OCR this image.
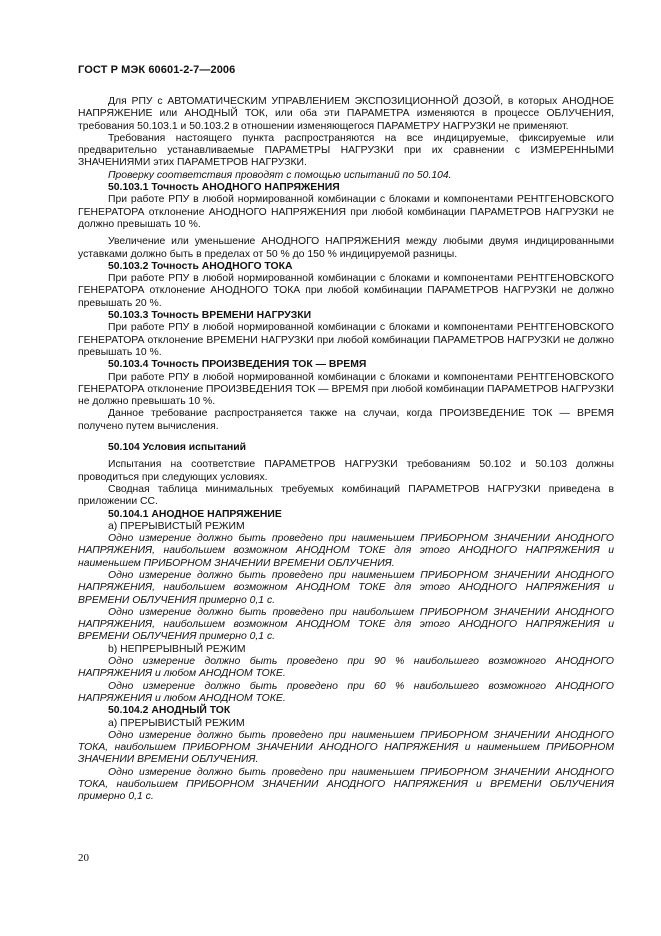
ГОСТ Р МЭК 60601-2-7—2006

Для РПУ с АВТОМАТИЧЕСКИМ УПРАВЛЕНИЕМ ЭКСПОЗИЦИОННОЙ ДОЗОЙ, в которых АНОДНОЕ НАПРЯЖЕНИЕ или АНОДНЫЙ ТОК, или оба эти ПАРАМЕТРА изменяются в процессе ОБЛУЧЕНИЯ, требования 50.103.1 и 50.103.2 в отношении изменяющегося ПАРАМЕТРУ НАГРУЗКИ не применяют.

Требования настоящего пункта распространяются на все индицируемые, фиксируемые или предварительно устанавливаемые ПАРАМЕТРЫ НАГРУЗКИ при их сравнении с ИЗМЕРЕННЫМИ ЗНАЧЕНИЯМИ этих ПАРАМЕТРОВ НАГРУЗКИ.

Проверку соответствия проводят с помощью испытаний по 50.104.

50.103.1 Точность АНОДНОГО НАПРЯЖЕНИЯ

При работе РПУ в любой нормированной комбинации с блоками и компонентами РЕНТГЕНОВСКОГО ГЕНЕРАТОРА отклонение АНОДНОГО НАПРЯЖЕНИЯ при любой комбинации ПАРАМЕТРОВ НАГРУЗКИ не должно превышать 10 %.

Увеличение или уменьшение АНОДНОГО НАПРЯЖЕНИЯ между любыми двумя индицированными уставками должно быть в пределах от 50 % до 150 % индицируемой разницы.

50.103.2 Точность АНОДНОГО ТОКА

При работе РПУ в любой нормированной комбинации с блоками и компонентами РЕНТГЕНОВСКОГО ГЕНЕРАТОРА отклонение АНОДНОГО ТОКА при любой комбинации ПАРАМЕТРОВ НАГРУЗКИ не должно превышать 20 %.

50.103.3 Точность ВРЕМЕНИ НАГРУЗКИ

При работе РПУ в любой нормированной комбинации с блоками и компонентами РЕНТГЕНОВСКОГО ГЕНЕРАТОРА отклонение ВРЕМЕНИ НАГРУЗКИ при любой комбинации ПАРАМЕТРОВ НАГРУЗКИ не должно превышать 10 %.

50.103.4 Точность ПРОИЗВЕДЕНИЯ ТОК — ВРЕМЯ

При работе РПУ в любой нормированной комбинации с блоками и компонентами РЕНТГЕНОВСКОГО ГЕНЕРАТОРА отклонение ПРОИЗВЕДЕНИЯ ТОК — ВРЕМЯ при любой комбинации ПАРАМЕТРОВ НАГРУЗКИ не должно превышать 10 %.

Данное требование распространяется также на случаи, когда ПРОИЗВЕДЕНИЕ ТОК — ВРЕМЯ получено путем вычисления.

50.104 Условия испытаний

Испытания на соответствие ПАРАМЕТРОВ НАГРУЗКИ требованиям 50.102 и 50.103 должны проводиться при следующих условиях.

Сводная таблица минимальных требуемых комбинаций ПАРАМЕТРОВ НАГРУЗКИ приведена в приложении СС.

50.104.1 АНОДНОЕ НАПРЯЖЕНИЕ

а) ПРЕРЫВИСТЫЙ РЕЖИМ

Одно измерение должно быть проведено при наименьшем ПРИБОРНОМ ЗНАЧЕНИИ АНОДНОГО НАПРЯЖЕНИЯ, наибольшем возможном АНОДНОМ ТОКЕ для этого АНОДНОГО НАПРЯЖЕНИЯ и наименьшем ПРИБОРНОМ ЗНАЧЕНИИ ВРЕМЕНИ ОБЛУЧЕНИЯ.

Одно измерение должно быть проведено при наименьшем ПРИБОРНОМ ЗНАЧЕНИИ АНОДНОГО НАПРЯЖЕНИЯ, наибольшем возможном АНОДНОМ ТОКЕ для этого АНОДНОГО НАПРЯЖЕНИЯ и ВРЕМЕНИ ОБЛУЧЕНИЯ примерно 0,1 с.

Одно измерение должно быть проведено при наибольшем ПРИБОРНОМ ЗНАЧЕНИИ АНОДНОГО НАПРЯЖЕНИЯ, наибольшем возможном АНОДНОМ ТОКЕ для этого АНОДНОГО НАПРЯЖЕНИЯ и ВРЕМЕНИ ОБЛУЧЕНИЯ примерно 0,1 с.

b) НЕПРЕРЫВНЫЙ РЕЖИМ

Одно измерение должно быть проведено при 90 % наибольшего возможного АНОДНОГО НАПРЯЖЕНИЯ и любом АНОДНОМ ТОКЕ.

Одно измерение должно быть проведено при 60 % наибольшего возможного АНОДНОГО НАПРЯЖЕНИЯ и любом АНОДНОМ ТОКЕ.

50.104.2 АНОДНЫЙ ТОК

а) ПРЕРЫВИСТЫЙ РЕЖИМ

Одно измерение должно быть проведено при наименьшем ПРИБОРНОМ ЗНАЧЕНИИ АНОДНОГО ТОКА, наибольшем ПРИБОРНОМ ЗНАЧЕНИИ АНОДНОГО НАПРЯЖЕНИЯ и наименьшем ПРИБОРНОМ ЗНАЧЕНИИ ВРЕМЕНИ ОБЛУЧЕНИЯ.

Одно измерение должно быть проведено при наименьшем ПРИБОРНОМ ЗНАЧЕНИИ АНОДНОГО ТОКА, наибольшем ПРИБОРНОМ ЗНАЧЕНИИ АНОДНОГО НАПРЯЖЕНИЯ и ВРЕМЕНИ ОБЛУЧЕНИЯ примерно 0,1 с.

20
